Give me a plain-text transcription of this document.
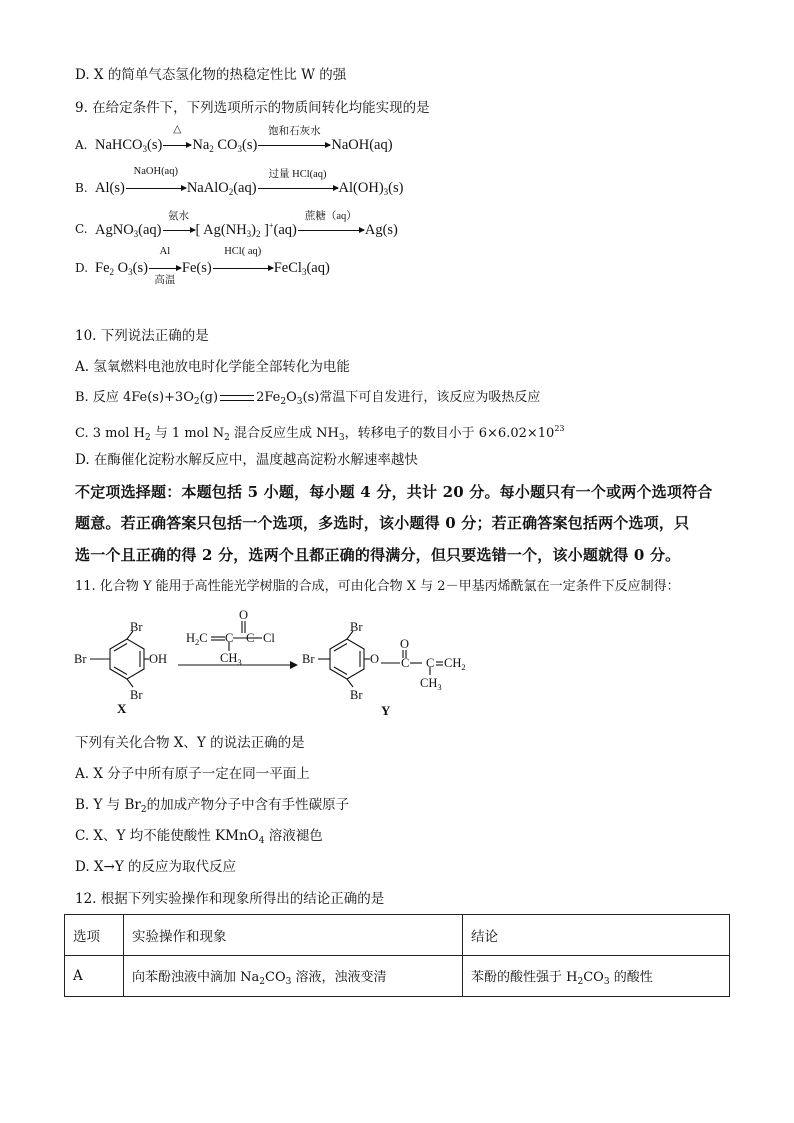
D. X 的简单气态氢化物的热稳定性比 W 的强
9. 在给定条件下，下列选项所示的物质间转化均能实现的是
A. NaHCO$_3$(s)
△
$Na_2$ $CO_3(s)$
饱和石灰水
NaOH(aq)
B. Al(s)
NaOH(aq)
NaAlO$_2$(aq)
过量 HCl(aq)
$Al(OH)_3(s)$
C. AgNO$_3$(aq)
氨水
[ $Ag(NH_3)_2$ ]+(aq)
蔗糖（aq）
Ag(s)
D. $Fe_2$ $O_3(s)$
Al
高温
Fe(s)
HCl( aq)
FeCl$_3$(aq)
10. 下列说法正确的是
A. 氢氧燃料电池放电时化学能全部转化为电能
B. 反应 $4Fe(s)+3O_2(g)$	$2Fe_2O_3(s)$常温下可自发进行，该反应为吸热反应
C. 3 mol $H_2$ 与 1 mol $N_2$ 混合反应生成 $NH_3$，转移电子的数目小于 $6\times 6.02\times 10^{23}$
D. 在酶催化淀粉水解反应中，温度越高淀粉水解速率越快
不定项选择题：本题包括 5 小题，每小题 4 分，共计 20 分。每小题只有一个或两个选项符合
题意。若正确答案只包括一个选项，多选时，该小题得 0 分；若正确答案包括两个选项，只
选一个且正确的得 2 分，选两个且都正确的得满分，但只要选错一个，该小题就得 0 分。
11. 化合物 Y 能用于高性能光学树脂的合成，可由化合物 X 与 2－甲基丙烯酰氯在一定条件下反应制得：
Br
Br	OH
Br
X
$H_2C$ C
O
C Cl
$CH_3$
Br
Br	O
Br
C
O
C $CH_2$
$CH_3$
Y
下列有关化合物 X、Y 的说法正确的是
A. X 分子中所有原子一定在同一平面上
B. Y 与 $Br_2$的加成产物分子中含有手性碳原子
C. X、Y 均不能使酸性 KMnO$_4$ 溶液褪色
D. X→Y 的反应为取代反应
12. 根据下列实验操作和现象所得出的结论正确的是
选项	实验操作和现象	结论
A	向苯酚浊液中滴加 $Na_2CO_3$ 溶液，浊液变清	苯酚的酸性强于 $H_2CO_3$ 的酸性
